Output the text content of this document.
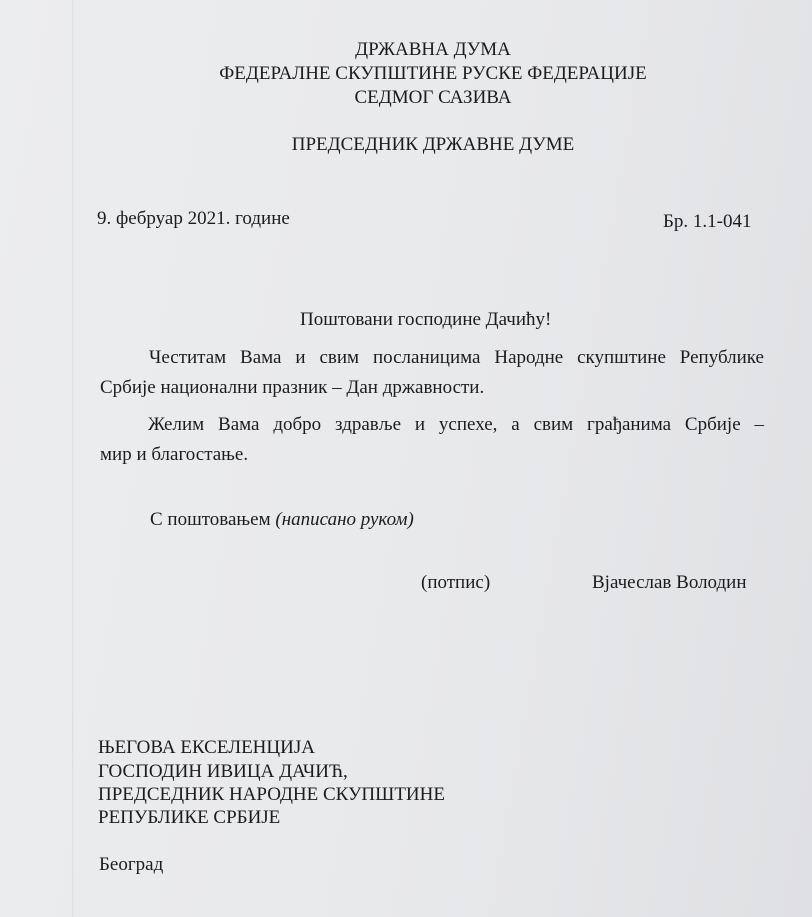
ДРЖАВНА ДУМА
ФЕДЕРАЛНЕ СКУПШТИНЕ РУСКЕ ФЕДЕРАЦИЈЕ
СЕДМОГ САЗИВА
ПРЕДСЕДНИК ДРЖАВНЕ ДУМЕ
9. фебруар 2021. године	Бр. 1.1-041
Поштовани господине Дачићу!
Честитам Вама и свим посланицима Народне скупштине Републике
Србије национални празник – Дан државности.
Желим Вама добро здравље и успехе, а свим грађанима Србије –
мир и благостање.
С поштовањем (написано руком)
(потпис)	Вјачеслав Володин
ЊЕГОВА ЕКСЕЛЕНЦИЈА
ГОСПОДИН ИВИЦА ДАЧИЋ,
ПРЕДСЕДНИК НАРОДНЕ СКУПШТИНЕ
РЕПУБЛИКЕ СРБИЈЕ
Београд
